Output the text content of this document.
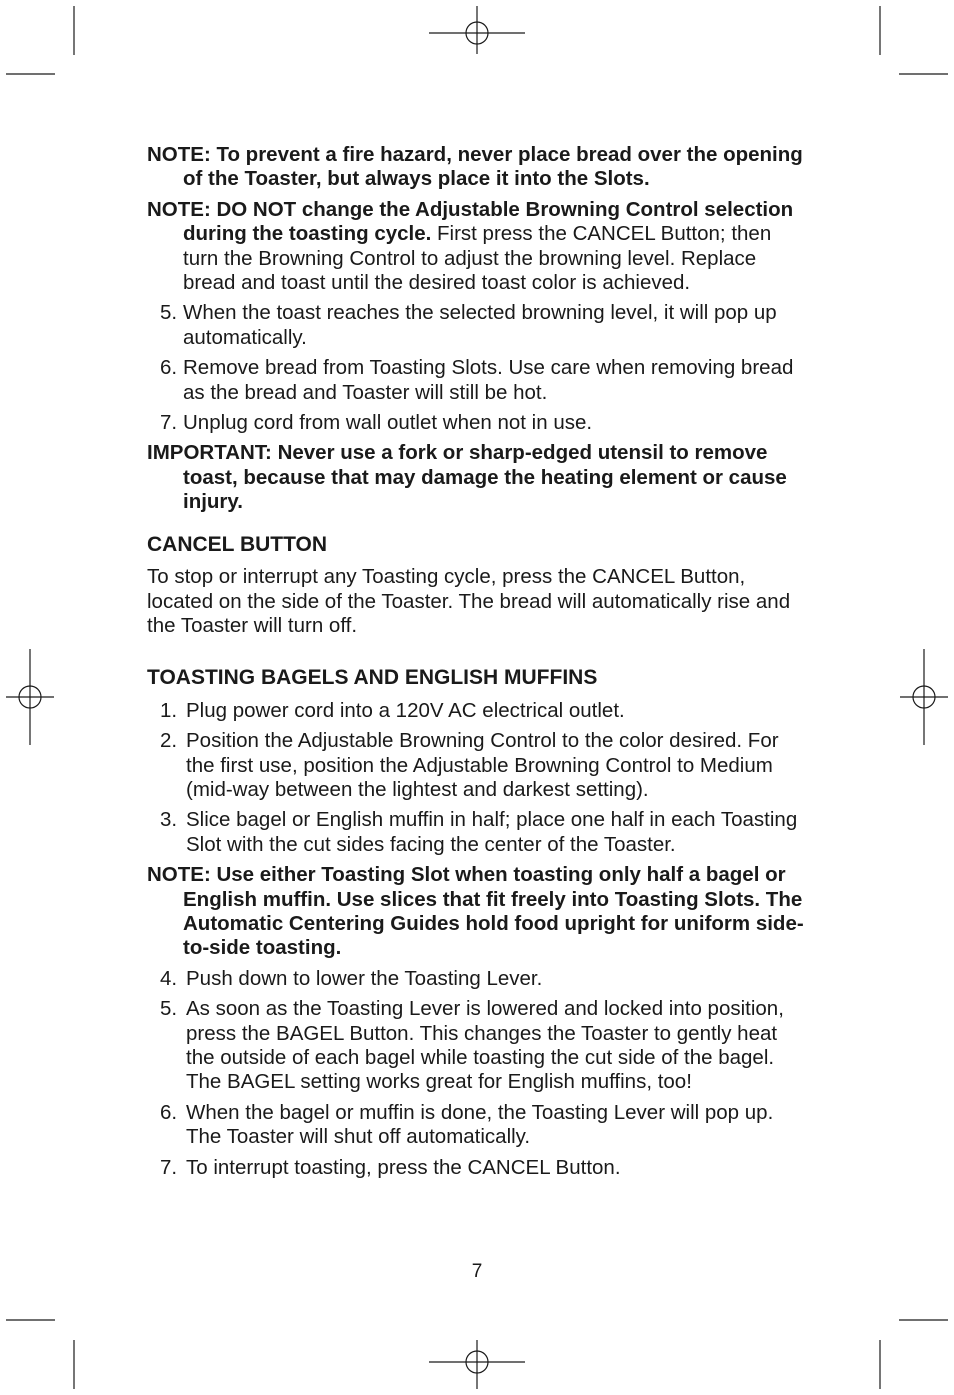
NOTE: To prevent a fire hazard, never place bread over the opening of the Toaster, but always place it into the Slots.

NOTE: DO NOT change the Adjustable Browning Control selection during the toasting cycle. First press the CANCEL Button; then turn the Browning Control to adjust the browning level. Replace bread and toast until the desired toast color is achieved.

5. When the toast reaches the selected browning level, it will pop up automatically.
6. Remove bread from Toasting Slots. Use care when removing bread as the bread and Toaster will still be hot.
7. Unplug cord from wall outlet when not in use.

IMPORTANT: Never use a fork or sharp-edged utensil to remove toast, because that may damage the heating element or cause injury.

CANCEL BUTTON

To stop or interrupt any Toasting cycle, press the CANCEL Button, located on the side of the Toaster. The bread will automatically rise and the Toaster will turn off.

TOASTING BAGELS AND ENGLISH MUFFINS
1. Plug power cord into a 120V AC electrical outlet.
2. Position the Adjustable Browning Control to the color desired. For the first use, position the Adjustable Browning Control to Medium (mid-way between the lightest and darkest setting).
3. Slice bagel or English muffin in half; place one half in each Toasting Slot with the cut sides facing the center of the Toaster.

NOTE: Use either Toasting Slot when toasting only half a bagel or English muffin. Use slices that fit freely into Toasting Slots. The Automatic Centering Guides hold food upright for uniform side-to-side toasting.

4. Push down to lower the Toasting Lever.
5. As soon as the Toasting Lever is lowered and locked into position, press the BAGEL Button. This changes the Toaster to gently heat the outside of each bagel while toasting the cut side of the bagel. The BAGEL setting works great for English muffins, too!
6. When the bagel or muffin is done, the Toasting Lever will pop up. The Toaster will shut off automatically.
7. To interrupt toasting, press the CANCEL Button.
7
